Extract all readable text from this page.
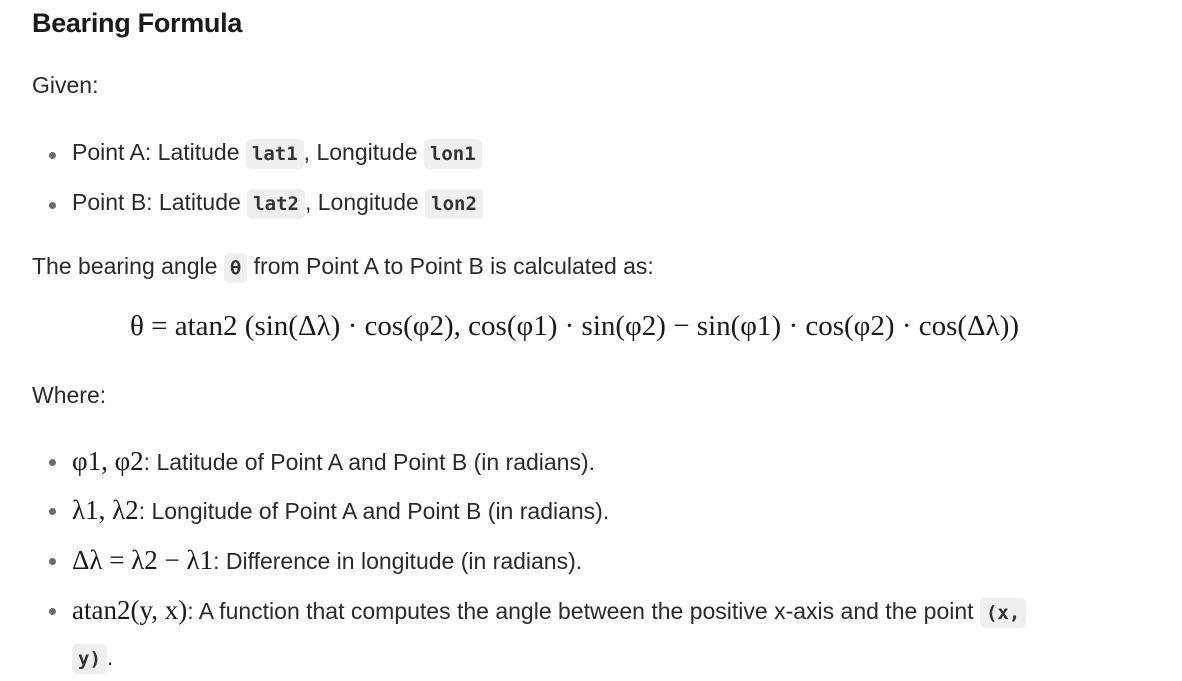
Bearing Formula

Given:

Point A: Latitude lat1 , Longitude lon1
Point B: Latitude lat2 , Longitude lon2

The bearing angle θ from Point A to Point B is calculated as:

θ = atan2 (sin(Δλ) · cos(φ2), cos(φ1) · sin(φ2) − sin(φ1) · cos(φ2) · cos(Δλ))

Where:

φ1, φ2: Latitude of Point A and Point B (in radians).
λ1, λ2: Longitude of Point A and Point B (in radians).
Δλ = λ2 − λ1: Difference in longitude (in radians).
atan2(y, x): A function that computes the angle between the positive x-axis and the point (x,
y) .
